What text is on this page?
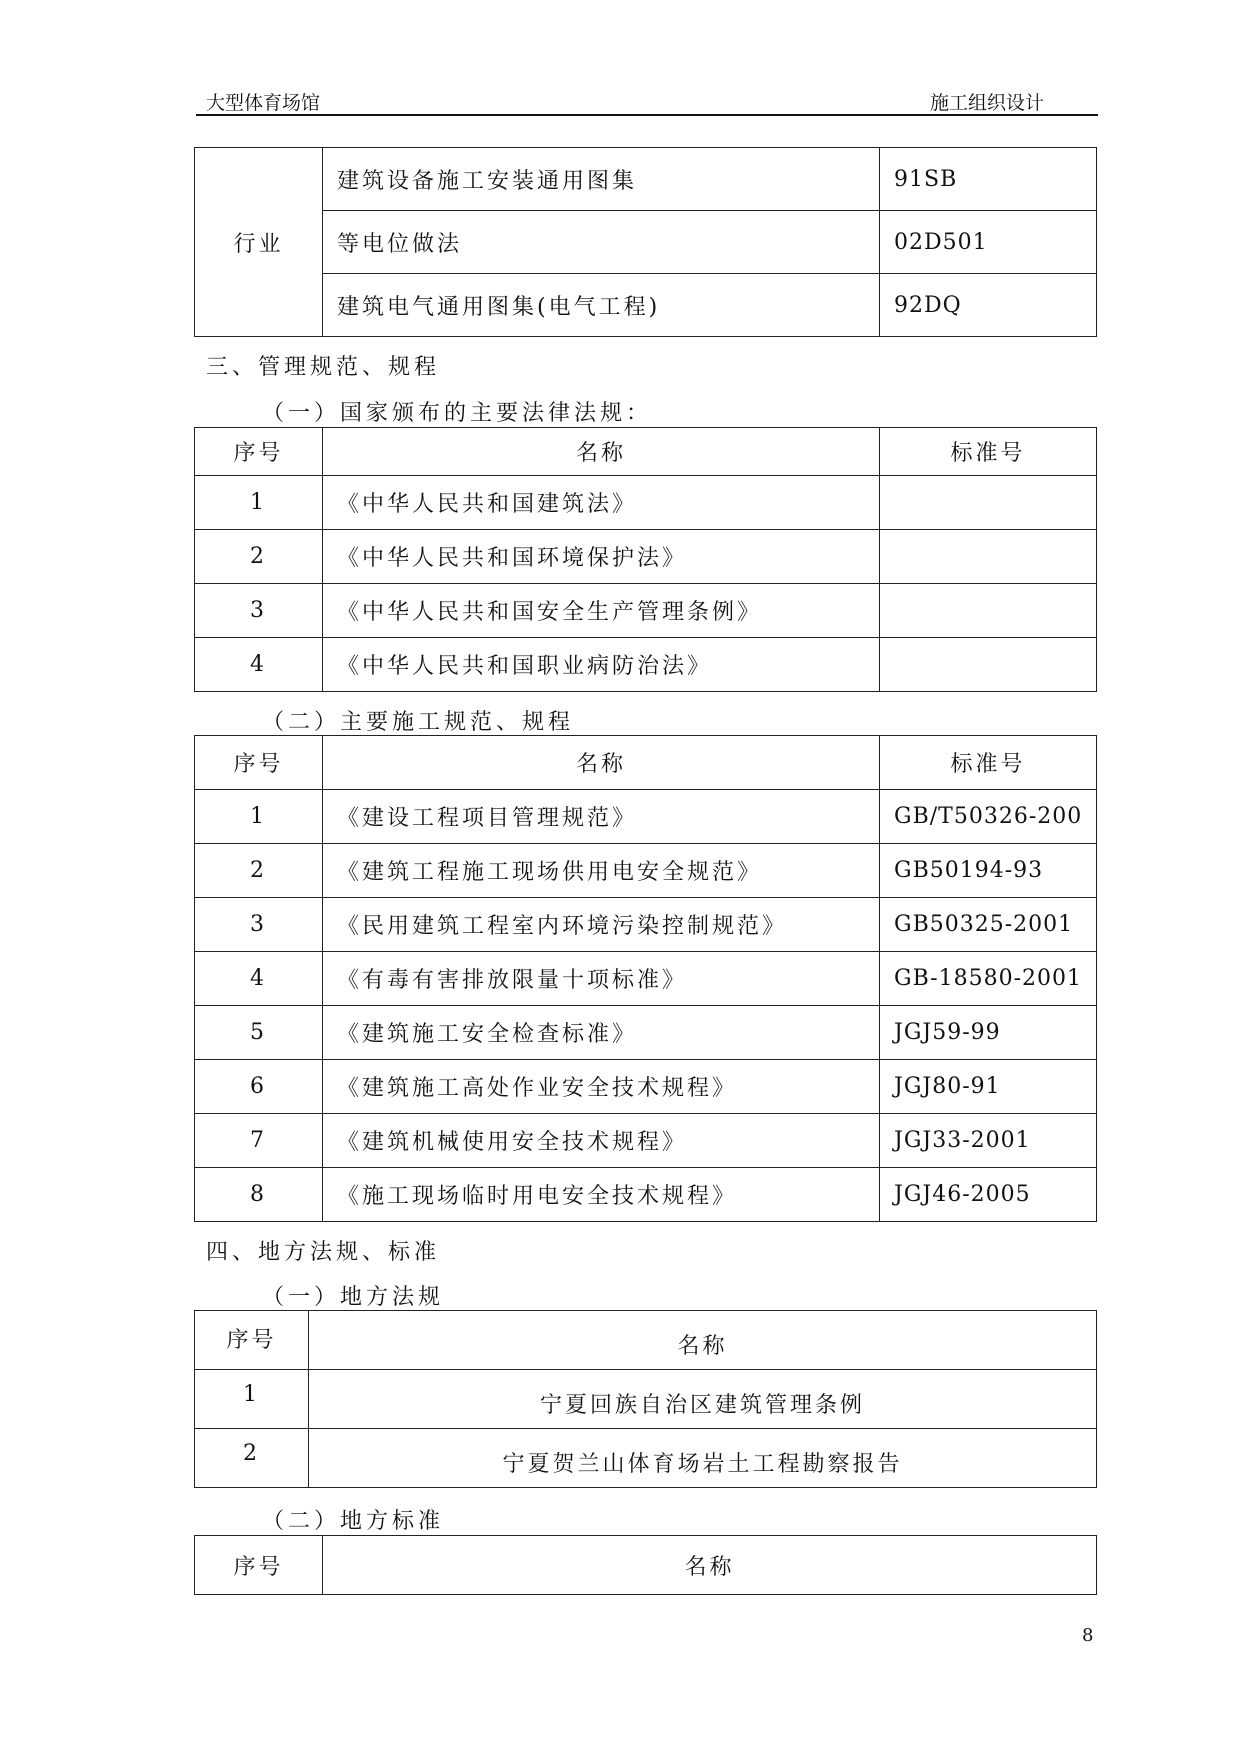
大型体育场馆	施工组织设计
行业	建筑设备施工安装通用图集	91SB
	等电位做法	02D501
	建筑电气通用图集(电气工程)	92DQ
三、管理规范、规程
（一）国家颁布的主要法律法规：
序号	名称	标准号
1	《中华人民共和国建筑法》	
2	《中华人民共和国环境保护法》	
3	《中华人民共和国安全生产管理条例》	
4	《中华人民共和国职业病防治法》	
（二）主要施工规范、规程
序号	名称	标准号
1	《建设工程项目管理规范》	GB/T50326-200
2	《建筑工程施工现场供用电安全规范》	GB50194-93
3	《民用建筑工程室内环境污染控制规范》	GB50325-2001
4	《有毒有害排放限量十项标准》	GB-18580-2001
5	《建筑施工安全检查标准》	JGJ59-99
6	《建筑施工高处作业安全技术规程》	JGJ80-91
7	《建筑机械使用安全技术规程》	JGJ33-2001
8	《施工现场临时用电安全技术规程》	JGJ46-2005
四、地方法规、标准
（一）地方法规
序号	名称
1	宁夏回族自治区建筑管理条例
2	宁夏贺兰山体育场岩土工程勘察报告
（二）地方标准
序号	名称
8
